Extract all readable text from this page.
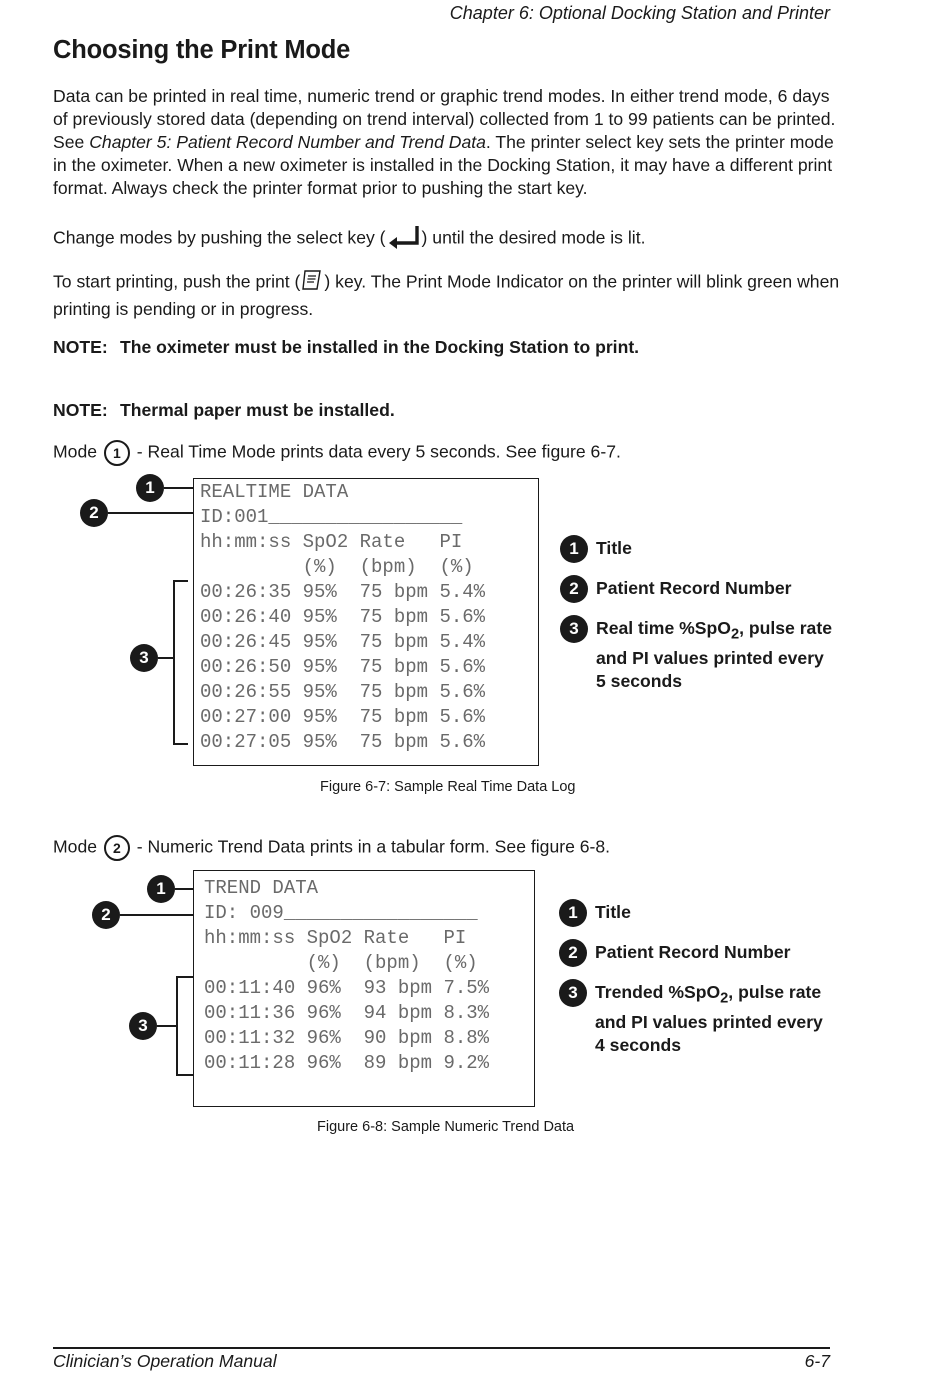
Chapter 6: Optional Docking Station and Printer
Choosing the Print Mode

Data can be printed in real time, numeric trend or graphic trend modes. In either trend mode, 6 days of previously stored data (depending on trend interval) collected from 1 to 99 patients can be printed. See Chapter 5: Patient Record Number and Trend Data. The printer select key sets the printer mode in the oximeter. When a new oximeter is installed in the Docking Station, it may have a different print format. Always check the printer format prior to pushing the start key.

Change modes by pushing the select key ( ) until the desired mode is lit.
To start printing, push the print ( ) key. The Print Mode Indicator on the printer will blink green when printing is pending or in progress.
NOTE: The oximeter must be installed in the Docking Station to print.
NOTE: Thermal paper must be installed.
Mode 1 - Real Time Mode prints data every 5 seconds. See figure 6-7.
REALTIME DATA
ID:001_________________
hh:mm:ss SpO2 Rate   PI
(%)  (bpm)  (%)
00:26:35 95%  75 bpm 5.4%
00:26:40 95%  75 bpm 5.6%
00:26:45 95%  75 bpm 5.4%
00:26:50 95%  75 bpm 5.6%
00:26:55 95%  75 bpm 5.6%
00:27:00 95%  75 bpm 5.6%
00:27:05 95%  75 bpm 5.6%
1
2
3
1 Title
2 Patient Record Number
3 Real time %SpO$_2$, pulse rate and PI values printed every 5 seconds
Figure 6-7: Sample Real Time Data Log
Mode 2 - Numeric Trend Data prints in a tabular form. See figure 6-8.
TREND DATA
ID: 009_________________
hh:mm:ss SpO2 Rate   PI
(%)  (bpm)  (%)
00:11:40 96%  93 bpm 7.5%
00:11:36 96%  94 bpm 8.3%
00:11:32 96%  90 bpm 8.8%
00:11:28 96%  89 bpm 9.2%
1
2
3
1 Title
2 Patient Record Number
3 Trended %SpO$_2$, pulse rate and PI values printed every 4 seconds
Figure 6-8: Sample Numeric Trend Data
Clinician’s Operation Manual	6-7
